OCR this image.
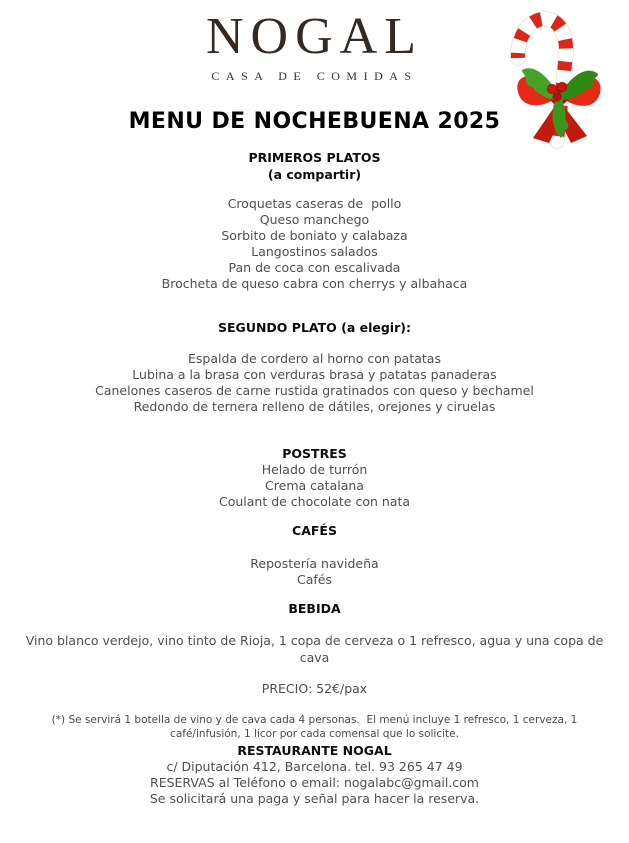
NOGAL
CASA DE COMIDAS
MENU DE NOCHEBUENA 2025
PRIMEROS PLATOS
(a compartir)
Croquetas caseras de  pollo
Queso manchego
Sorbito de boniato y calabaza
Langostinos salados
Pan de coca con escalivada
Brocheta de queso cabra con cherrys y albahaca
SEGUNDO PLATO (a elegir):
Espalda de cordero al horno con patatas
Lubina a la brasa con verduras brasa y patatas panaderas
Canelones caseros de carne rustida gratinados con queso y bechamel
Redondo de ternera relleno de dátiles, orejones y ciruelas
POSTRES
Helado de turrón
Crema catalana
Coulant de chocolate con nata
CAFÉS
Repostería navideña
Cafés
BEBIDA

Vino blanco verdejo, vino tinto de Rioja, 1 copa de cerveza o 1 refresco, agua y una copa de cava

PRECIO: 52€/pax

(*) Se servirá 1 botella de vino y de cava cada 4 personas.  El menú incluye 1 refresco, 1 cerveza, 1 café/infusión, 1 licor por cada comensal que lo solicite.

RESTAURANTE NOGAL
c/ Diputación 412, Barcelona. tel. 93 265 47 49
RESERVAS al Teléfono o email: nogalabc@gmail.com
Se solicitará una paga y señal para hacer la reserva.
